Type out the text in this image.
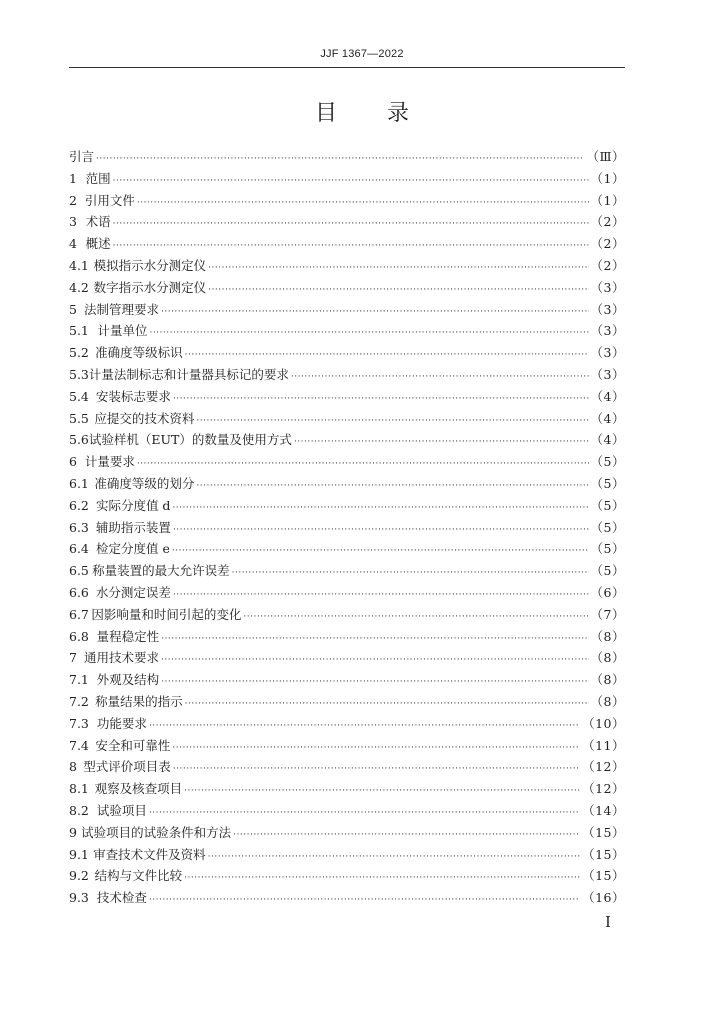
JJF 1367—2022
目 录
引言 ·····	（Ⅲ）
1 范围 ·····	（1）
2 引用文件 ·····	（1）
3 术语 ·····	（2）
4 概述 ·····	（2）
4.1 模拟指示水分测定仪 ·····	（2）
4.2 数字指示水分测定仪 ·····	（3）
5 法制管理要求 ·····	（3）
5.1 计量单位 ·····	（3）
5.2 准确度等级标识 ·····	（3）
5.3 计量法制标志和计量器具标记的要求 ·····	（3）
5.4 安装标志要求 ·····	（4）
5.5 应提交的技术资料 ·····	（4）
5.6 试验样机（EUT）的数量及使用方式 ·····	（4）
6 计量要求 ·····	（5）
6.1 准确度等级的划分 ·····	（5）
6.2 实际分度值 d ·····	（5）
6.3 辅助指示装置 ·····	（5）
6.4 检定分度值 e ·····	（5）
6.5 称量装置的最大允许误差 ·····	（5）
6.6 水分测定误差 ·····	（6）
6.7 因影响量和时间引起的变化 ·····	（7）
6.8 量程稳定性 ·····	（8）
7 通用技术要求 ·····	（8）
7.1 外观及结构 ·····	（8）
7.2 称量结果的指示 ·····	（8）
7.3 功能要求 ·····	（10）
7.4 安全和可靠性 ·····	（11）
8 型式评价项目表 ·····	（12）
8.1 观察及核查项目 ·····	（12）
8.2 试验项目 ·····	（14）
9 试验项目的试验条件和方法 ·····	（15）
9.1 审查技术文件及资料 ·····	（15）
9.2 结构与文件比较 ·····	（15）
9.3 技术检查 ·····	（16）
I
